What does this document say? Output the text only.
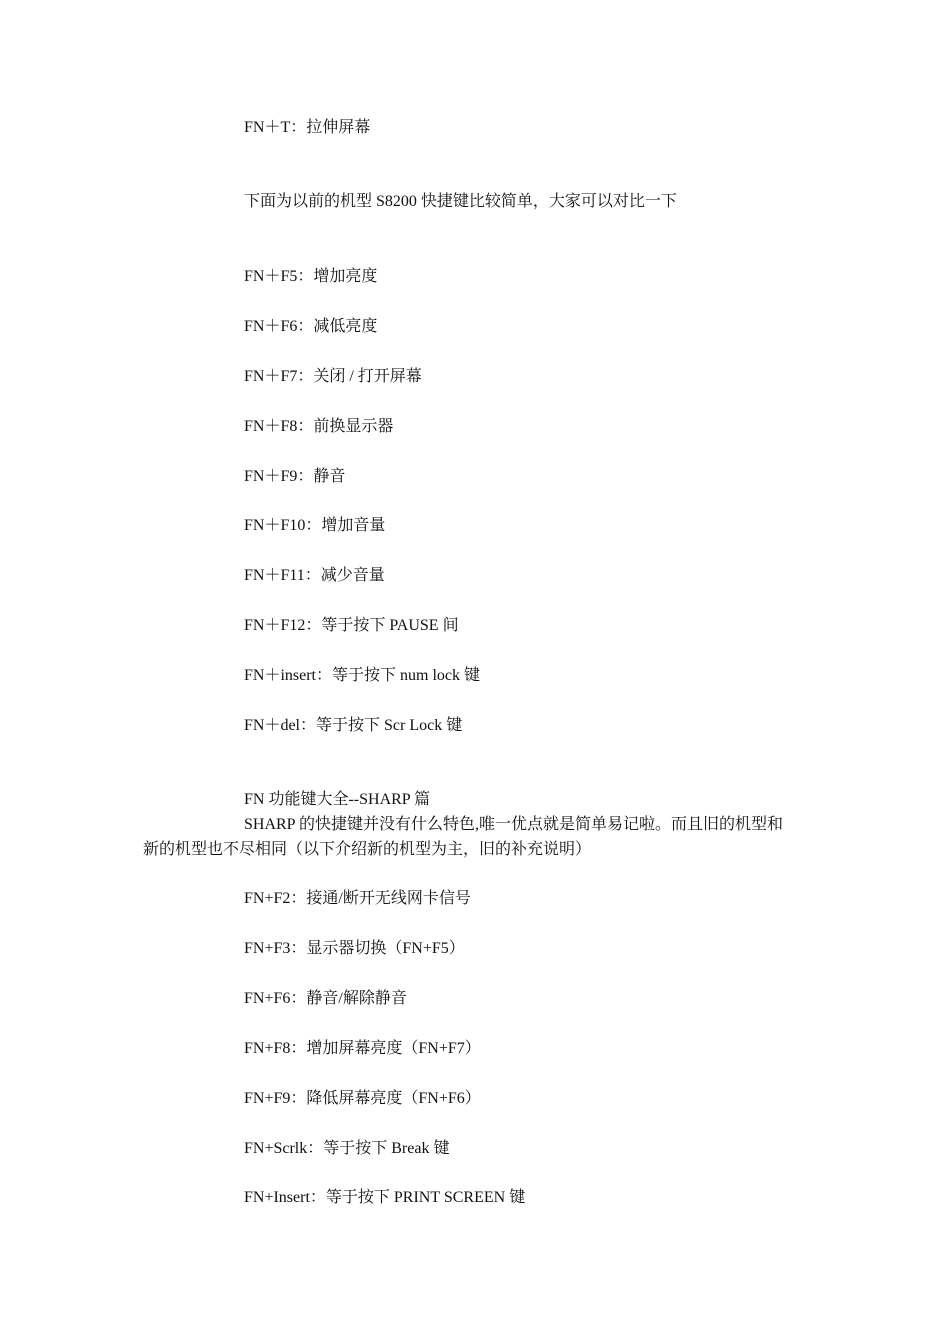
FN＋T：拉伸屏幕
下面为以前的机型 S8200 快捷键比较简单，大家可以对比一下
FN＋F5：增加亮度
FN＋F6：减低亮度
FN＋F7：关闭 / 打开屏幕
FN＋F8：前换显示器
FN＋F9：静音
FN＋F10：增加音量
FN＋F11：减少音量
FN＋F12：等于按下 PAUSE 间
FN＋insert：等于按下 num lock 键
FN＋del：等于按下 Scr Lock 键
FN 功能键大全--SHARP 篇
SHARP 的快捷键并没有什么特色,唯一优点就是简单易记啦。而且旧的机型和
新的机型也不尽相同（以下介绍新的机型为主，旧的补充说明）
FN+F2：接通/断开无线网卡信号
FN+F3：显示器切换（FN+F5）
FN+F6：静音/解除静音
FN+F8：增加屏幕亮度（FN+F7）
FN+F9：降低屏幕亮度（FN+F6）
FN+Scrlk：等于按下 Break 键
FN+Insert：等于按下 PRINT SCREEN 键
